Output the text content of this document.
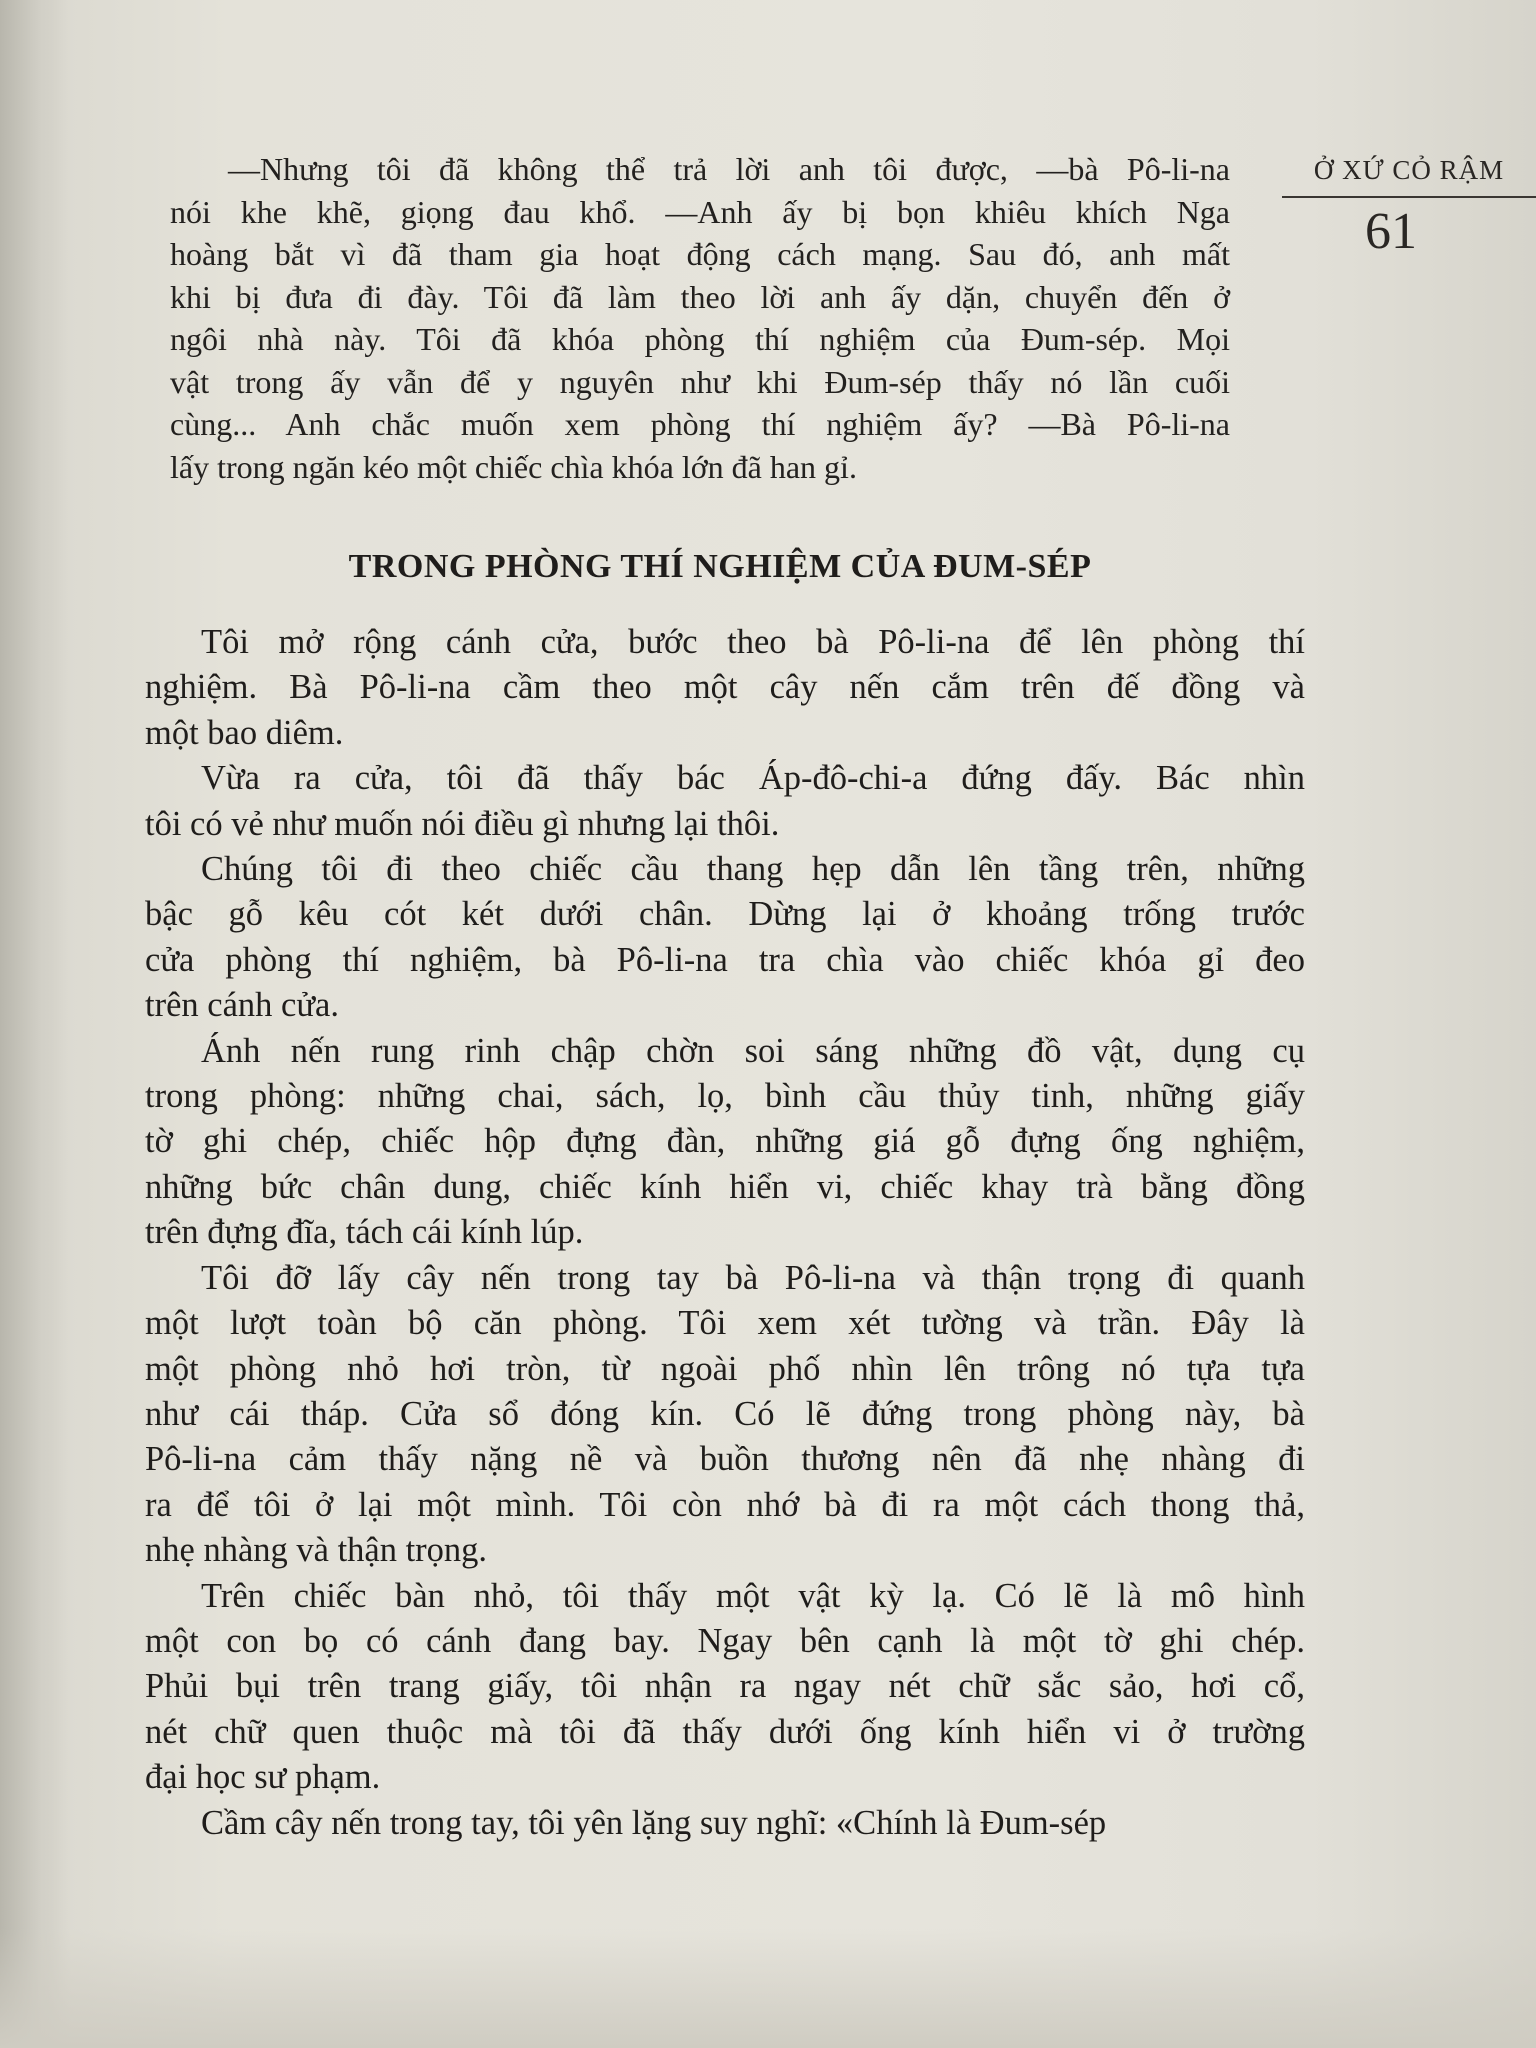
Ở XỨ CỎ RẬM
61
—Nhưng tôi đã không thể trả lời anh tôi được, —bà Pô-li-na
nói khe khẽ, giọng đau khổ. —Anh ấy bị bọn khiêu khích Nga
hoàng bắt vì đã tham gia hoạt động cách mạng. Sau đó, anh mất
khi bị đưa đi đày. Tôi đã làm theo lời anh ấy dặn, chuyển đến ở
ngôi nhà này. Tôi đã khóa phòng thí nghiệm của Đum-sép. Mọi
vật trong ấy vẫn để y nguyên như khi Đum-sép thấy nó lần cuối
cùng... Anh chắc muốn xem phòng thí nghiệm ấy? —Bà Pô-li-na
lấy trong ngăn kéo một chiếc chìa khóa lớn đã han gỉ.
TRONG PHÒNG THÍ NGHIỆM CỦA ĐUM-SÉP
Tôi mở rộng cánh cửa, bước theo bà Pô-li-na để lên phòng thí
nghiệm. Bà Pô-li-na cầm theo một cây nến cắm trên đế đồng và
một bao diêm.
Vừa ra cửa, tôi đã thấy bác Áp-đô-chi-a đứng đấy. Bác nhìn
tôi có vẻ như muốn nói điều gì nhưng lại thôi.
Chúng tôi đi theo chiếc cầu thang hẹp dẫn lên tầng trên, những
bậc gỗ kêu cót két dưới chân. Dừng lại ở khoảng trống trước
cửa phòng thí nghiệm, bà Pô-li-na tra chìa vào chiếc khóa gỉ đeo
trên cánh cửa.
Ánh nến rung rinh chập chờn soi sáng những đồ vật, dụng cụ
trong phòng: những chai, sách, lọ, bình cầu thủy tinh, những giấy
tờ ghi chép, chiếc hộp đựng đàn, những giá gỗ đựng ống nghiệm,
những bức chân dung, chiếc kính hiển vi, chiếc khay trà bằng đồng
trên đựng đĩa, tách cái kính lúp.
Tôi đỡ lấy cây nến trong tay bà Pô-li-na và thận trọng đi quanh
một lượt toàn bộ căn phòng. Tôi xem xét tường và trần. Đây là
một phòng nhỏ hơi tròn, từ ngoài phố nhìn lên trông nó tựa tựa
như cái tháp. Cửa sổ đóng kín. Có lẽ đứng trong phòng này, bà
Pô-li-na cảm thấy nặng nề và buồn thương nên đã nhẹ nhàng đi
ra để tôi ở lại một mình. Tôi còn nhớ bà đi ra một cách thong thả,
nhẹ nhàng và thận trọng.
Trên chiếc bàn nhỏ, tôi thấy một vật kỳ lạ. Có lẽ là mô hình
một con bọ có cánh đang bay. Ngay bên cạnh là một tờ ghi chép.
Phủi bụi trên trang giấy, tôi nhận ra ngay nét chữ sắc sảo, hơi cổ,
nét chữ quen thuộc mà tôi đã thấy dưới ống kính hiển vi ở trường
đại học sư phạm.
Cầm cây nến trong tay, tôi yên lặng suy nghĩ: «Chính là Đum-sép
